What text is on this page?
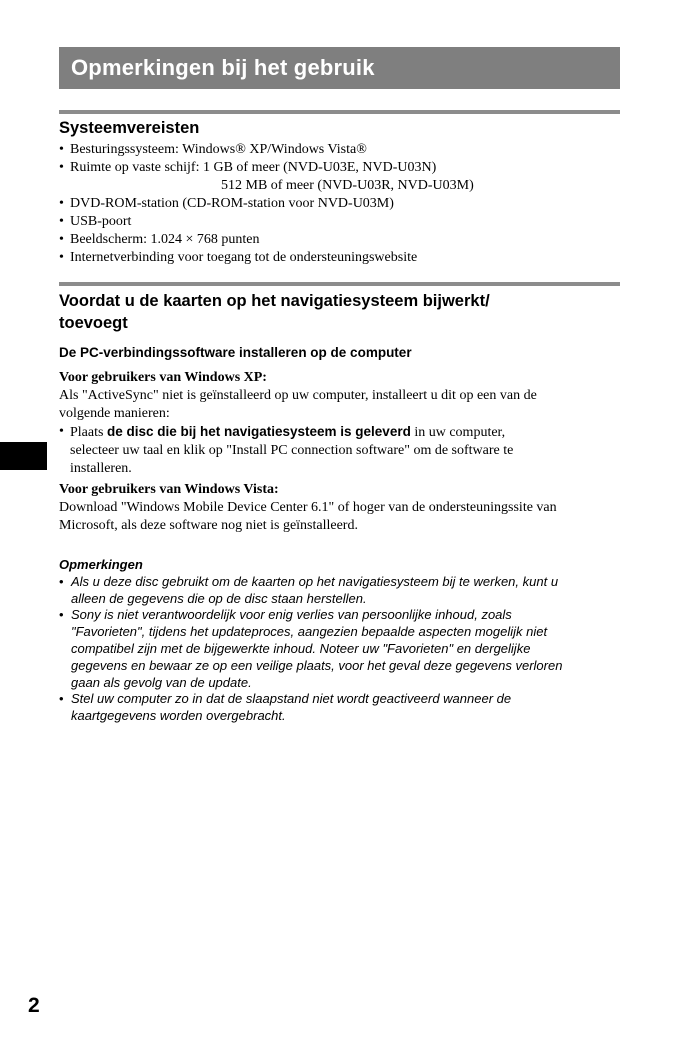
Opmerkingen bij het gebruik
Systeemvereisten
• Besturingssysteem: Windows® XP/Windows Vista®
• Ruimte op vaste schijf: 1 GB of meer (NVD-U03E, NVD-U03N)
512 MB of meer (NVD-U03R, NVD-U03M)
• DVD-ROM-station (CD-ROM-station voor NVD-U03M)
• USB-poort
• Beeldscherm: 1.024 × 768 punten
• Internetverbinding voor toegang tot de ondersteuningswebsite
Voordat u de kaarten op het navigatiesysteem bijwerkt/
toevoegt
De PC-verbindingssoftware installeren op de computer
Voor gebruikers van Windows XP:
Als "ActiveSync" niet is geïnstalleerd op uw computer, installeert u dit op een van de
volgende manieren:
• Plaats de disc die bij het navigatiesysteem is geleverd in uw computer,
selecteer uw taal en klik op "Install PC connection software" om de software te
installeren.
Voor gebruikers van Windows Vista:
Download "Windows Mobile Device Center 6.1" of hoger van de ondersteuningssite van
Microsoft, als deze software nog niet is geïnstalleerd.
Opmerkingen
• Als u deze disc gebruikt om de kaarten op het navigatiesysteem bij te werken, kunt u
alleen de gegevens die op de disc staan herstellen.
• Sony is niet verantwoordelijk voor enig verlies van persoonlijke inhoud, zoals
"Favorieten", tijdens het updateproces, aangezien bepaalde aspecten mogelijk niet
compatibel zijn met de bijgewerkte inhoud. Noteer uw "Favorieten" en dergelijke
gegevens en bewaar ze op een veilige plaats, voor het geval deze gegevens verloren
gaan als gevolg van de update.
• Stel uw computer zo in dat de slaapstand niet wordt geactiveerd wanneer de
kaartgegevens worden overgebracht.
2
